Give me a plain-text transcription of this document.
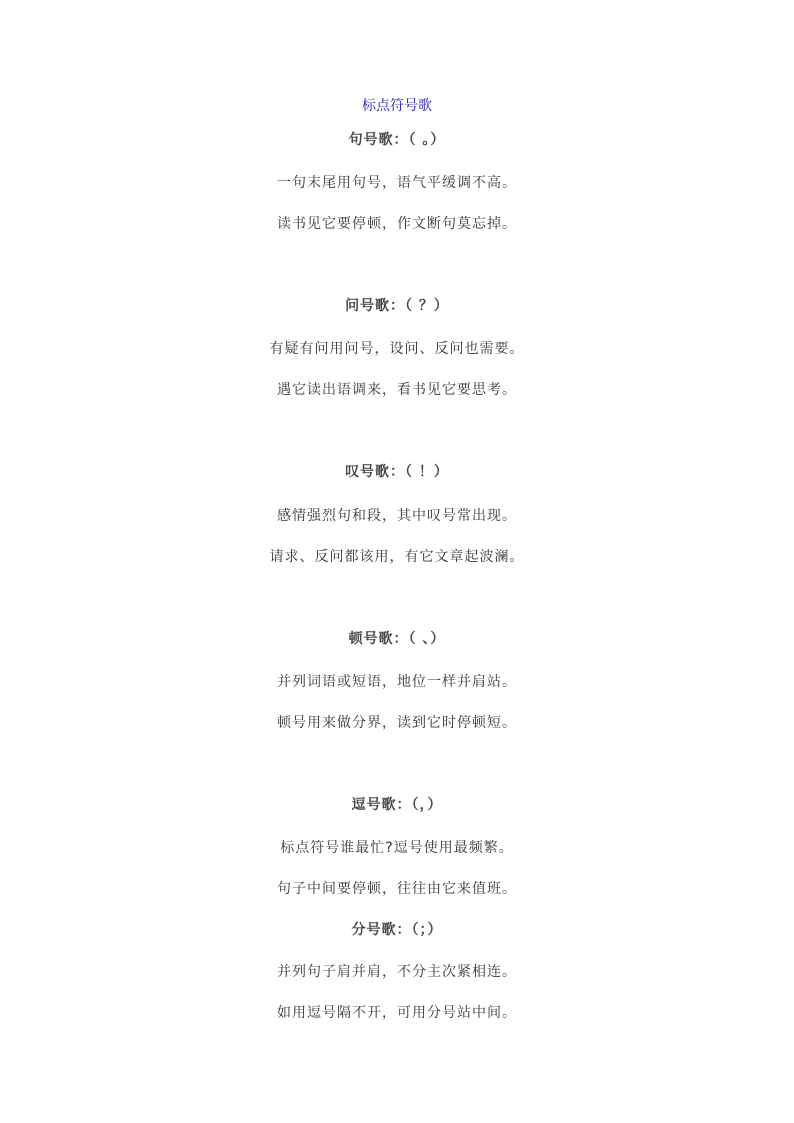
标点符号歌
句号歌：（ 。）
一句末尾用句号，语气平缓调不高。
读书见它要停顿，作文断句莫忘掉。
问号歌：（ ？）
有疑有问用问号，设问、反问也需要。
遇它读出语调来，看书见它要思考。
叹号歌：（ ！）
感情强烈句和段，其中叹号常出现。
请求、反问都该用，有它文章起波澜。
顿号歌：（ 、）
并列词语或短语，地位一样并肩站。
顿号用来做分界，读到它时停顿短。
逗号歌：（，）
标点符号谁最忙?逗号使用最频繁。
句子中间要停顿，往往由它来值班。
分号歌：（；）
并列句子肩并肩，不分主次紧相连。
如用逗号隔不开，可用分号站中间。
